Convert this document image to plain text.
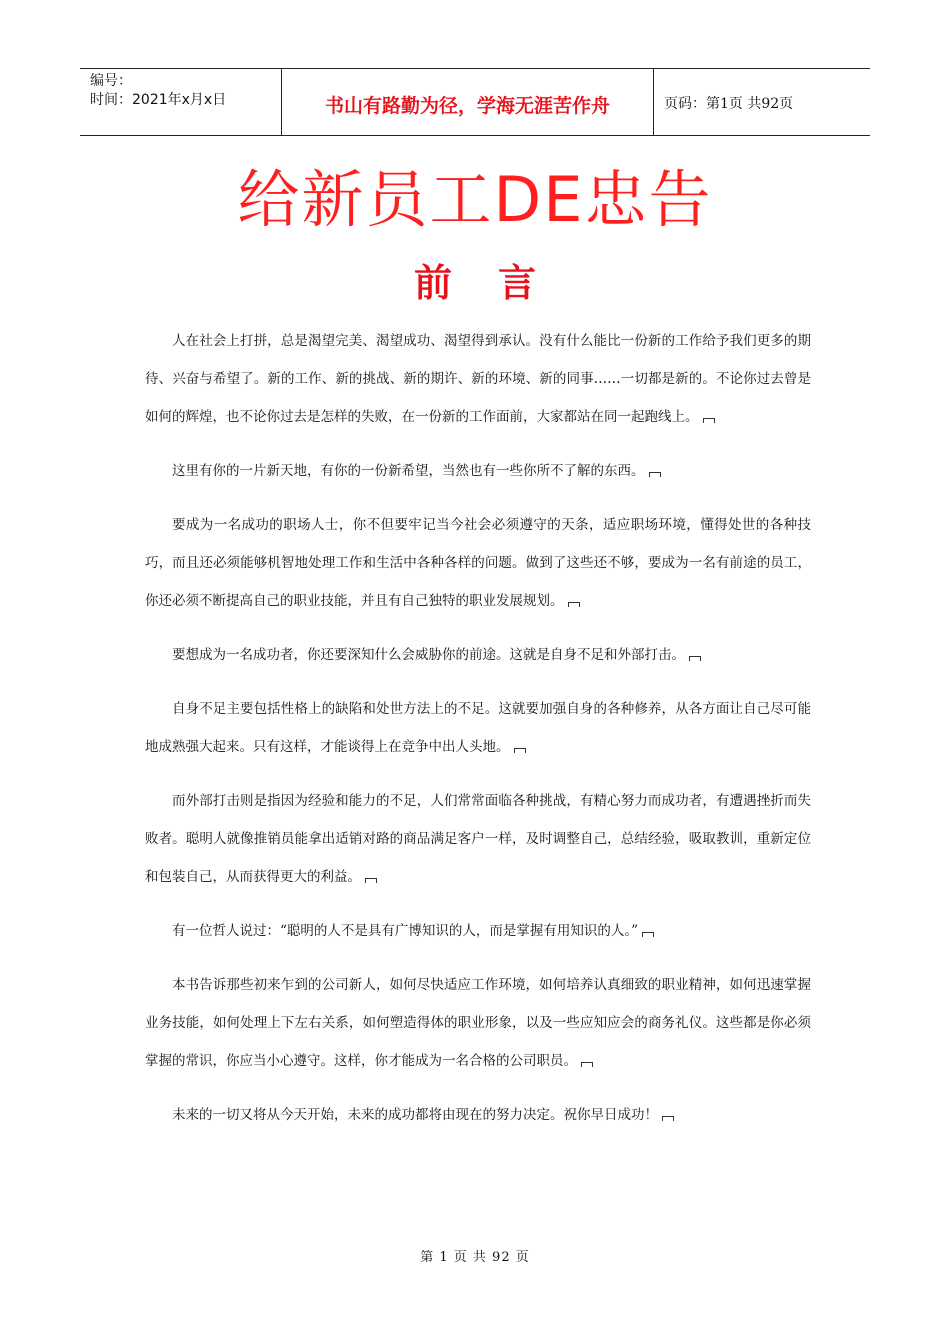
编号：
时间：2021年x月x日	书山有路勤为径，学海无涯苦作舟	页码：第1页 共92页
给新员工DE忠告
前言

人在社会上打拼，总是渴望完美、渴望成功、渴望得到承认。没有什么能比一份新的工作给予我们更多的期待、兴奋与希望了。新的工作、新的挑战、新的期许、新的环境、新的同事……一切都是新的。不论你过去曾是如何的辉煌，也不论你过去是怎样的失败，在一份新的工作面前，大家都站在同一起跑线上。

这里有你的一片新天地，有你的一份新希望，当然也有一些你所不了解的东西。

要成为一名成功的职场人士，你不但要牢记当今社会必须遵守的天条，适应职场环境，懂得处世的各种技巧，而且还必须能够机智地处理工作和生活中各种各样的问题。做到了这些还不够，要成为一名有前途的员工，你还必须不断提高自己的职业技能，并且有自己独特的职业发展规划。

要想成为一名成功者，你还要深知什么会威胁你的前途。这就是自身不足和外部打击。

自身不足主要包括性格上的缺陷和处世方法上的不足。这就要加强自身的各种修养，从各方面让自己尽可能地成熟强大起来。只有这样，才能谈得上在竞争中出人头地。

而外部打击则是指因为经验和能力的不足，人们常常面临各种挑战，有精心努力而成功者，有遭遇挫折而失败者。聪明人就像推销员能拿出适销对路的商品满足客户一样，及时调整自己，总结经验，吸取教训，重新定位和包装自己，从而获得更大的利益。

有一位哲人说过：“聪明的人不是具有广博知识的人，而是掌握有用知识的人。”

本书告诉那些初来乍到的公司新人，如何尽快适应工作环境，如何培养认真细致的职业精神，如何迅速掌握业务技能，如何处理上下左右关系，如何塑造得体的职业形象，以及一些应知应会的商务礼仪。这些都是你必须掌握的常识，你应当小心遵守。这样，你才能成为一名合格的公司职员。

未来的一切又将从今天开始，未来的成功都将由现在的努力决定。祝你早日成功！

第 1 页 共 92 页
